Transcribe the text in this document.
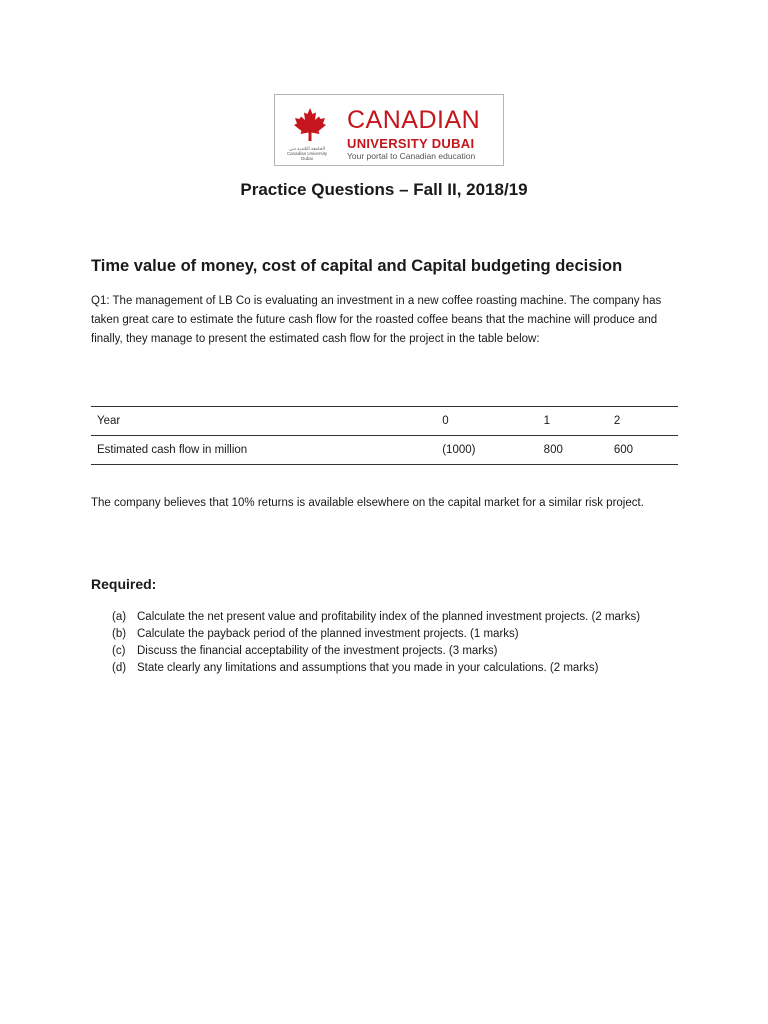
الجامعة الكندية دبي Canadian University Dubai
CANADIAN
UNIVERSITY DUBAI
Your portal to Canadian education
Practice Questions – Fall II, 2018/19
Time value of money, cost of capital and Capital budgeting decision
Q1: The management of LB Co is evaluating an investment in a new coffee roasting machine. The company has taken great care to estimate the future cash flow for the roasted coffee beans that the machine will produce and finally, they manage to present the estimated cash flow for the project in the table below:
Year	0	1	2
Estimated cash flow in million	(1000)	800	600
The company believes that 10% returns is available elsewhere on the capital market for a similar risk project.
Required:
(a) Calculate the net present value and profitability index of the planned investment projects. (2 marks)
(b) Calculate the payback period of the planned investment projects. (1 marks)
(c)	Discuss the financial acceptability of the investment projects. (3 marks)
(d) State clearly any limitations and assumptions that you made in your calculations. (2 marks)
